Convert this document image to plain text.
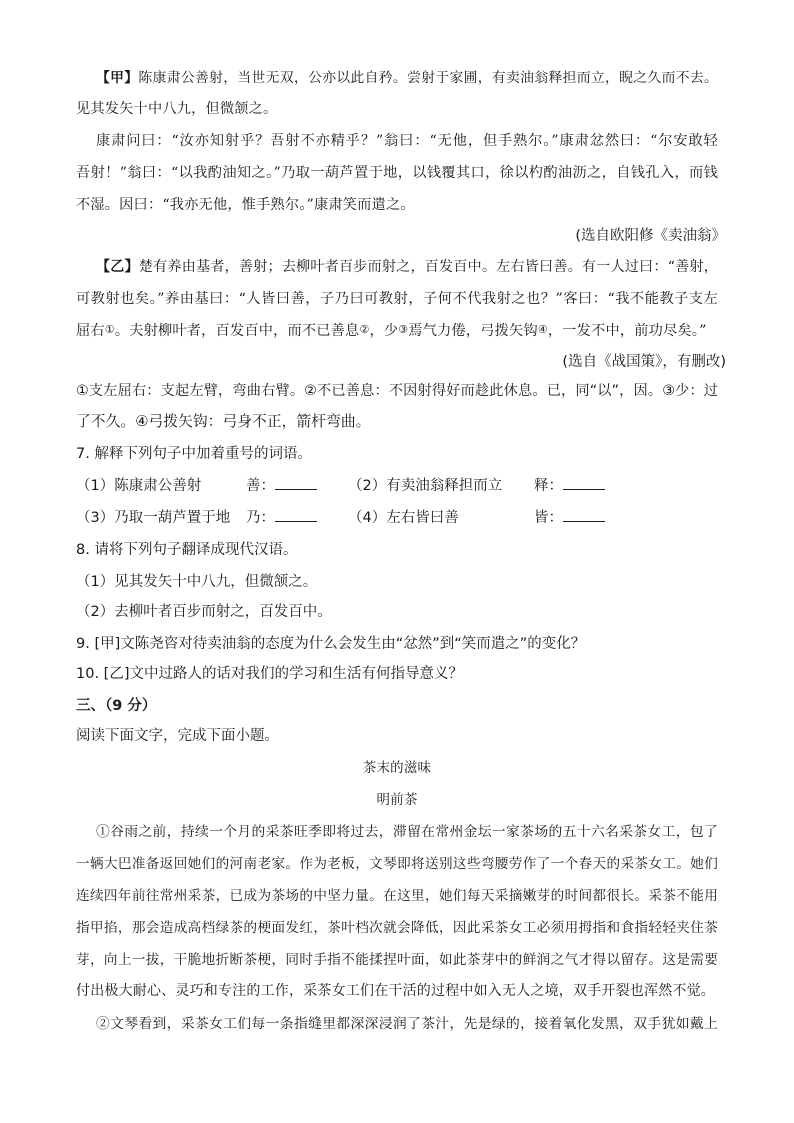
【甲】陈康肃公善射，当世无双，公亦以此自矜。尝射于家圃，有卖油翁释担而立，睨之久而不去。
见其发矢十中八九，但微颔之。
康肃问曰：“汝亦知射乎？吾射不亦精乎？”翁曰：“无他，但手熟尔。”康肃忿然曰：“尔安敢轻
吾射！”翁曰：“以我酌油知之。”乃取一葫芦置于地，以钱覆其口，徐以杓酌油沥之，自钱孔入，而钱
不湿。因曰：“我亦无他，惟手熟尔。”康肃笑而遣之。
(选自欧阳修《卖油翁》
【乙】楚有养由基者，善射；去柳叶者百步而射之，百发百中。左右皆曰善。有一人过曰：“善射，
可教射也矣。”养由基曰：“人皆曰善，子乃曰可教射，子何不代我射之也？”客曰：“我不能教子支左
屈右①。夫射柳叶者，百发百中，而不已善息②，少③焉气力倦，弓拨矢钩④，一发不中，前功尽矣。”
(选自《战国策》，有删改)
①支左屈右：支起左臂，弯曲右臂。②不已善息：不因射得好而趁此休息。已，同“以”，因。③少：过
了不久。④弓拨矢钩：弓身不正，箭杆弯曲。
7. 解释下列句子中加着重号的词语。
（1）陈康肃公善射	善：	（2）有卖油翁释担而立 释：
（3）乃取一葫芦置于地 乃：	（4）左右皆曰善	皆：
8. 请将下列句子翻译成现代汉语。
（1）见其发矢十中八九，但微颔之。
（2）去柳叶者百步而射之，百发百中。
9. [甲]文陈尧咨对待卖油翁的态度为什么会发生由“忿然”到“笑而遣之”的变化？
10. [乙]文中过路人的话对我们的学习和生活有何指导意义？
三、（9 分）
阅读下面文字，完成下面小题。
茶末的滋味
明前茶
①谷雨之前，持续一个月的采茶旺季即将过去，滞留在常州金坛一家茶场的五十六名采茶女工，包了
一辆大巴准备返回她们的河南老家。作为老板，文琴即将送别这些弯腰劳作了一个春天的采茶女工。她们
连续四年前往常州采茶，已成为茶场的中坚力量。在这里，她们每天采摘嫩芽的时间都很长。采茶不能用
指甲掐，那会造成高档绿茶的梗面发红，茶叶档次就会降低，因此采茶女工必须用拇指和食指轻轻夹住茶
芽，向上一拔，干脆地折断茶梗，同时手指不能揉捏叶面，如此茶芽中的鲜润之气才得以留存。这是需要
付出极大耐心、灵巧和专注的工作，采茶女工们在干活的过程中如入无人之境，双手开裂也浑然不觉。
②文琴看到，采茶女工们每一条指缝里都深深浸润了茶汁，先是绿的，接着氧化发黑，双手犹如戴上
